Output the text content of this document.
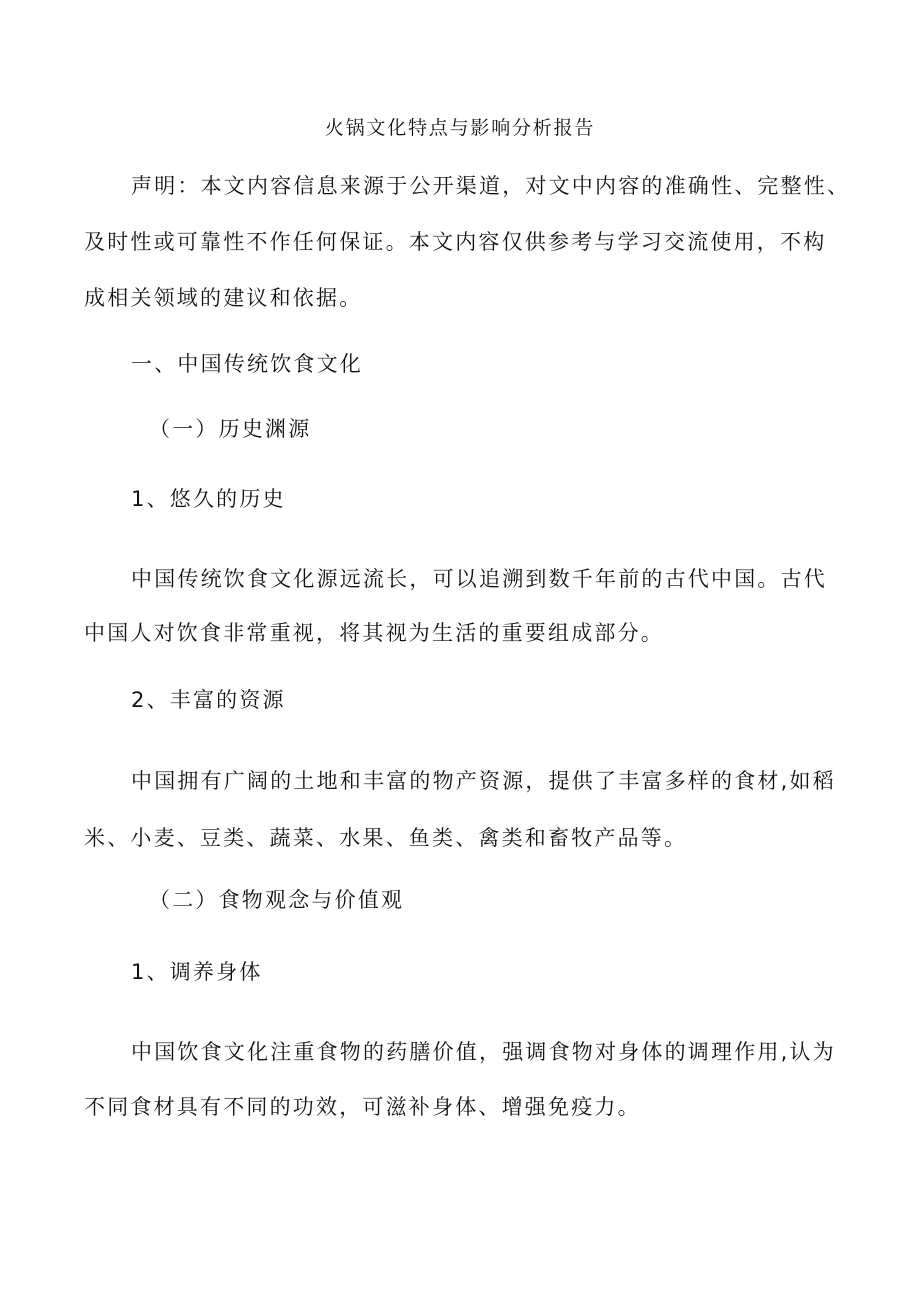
火锅文化特点与影响分析报告
声明：本文内容信息来源于公开渠道，对文中内容的准确性、完整性、
及时性或可靠性不作任何保证。本文内容仅供参考与学习交流使用，不构
成相关领域的建议和依据。
一、中国传统饮食文化
（一）历史渊源
1、悠久的历史
中国传统饮食文化源远流长，可以追溯到数千年前的古代中国。古代
中国人对饮食非常重视，将其视为生活的重要组成部分。
2、丰富的资源
中国拥有广阔的土地和丰富的物产资源，提供了丰富多样的食材,如稻
米、小麦、豆类、蔬菜、水果、鱼类、禽类和畜牧产品等。
（二）食物观念与价值观
1、调养身体
中国饮食文化注重食物的药膳价值，强调食物对身体的调理作用,认为
不同食材具有不同的功效，可滋补身体、增强免疫力。
